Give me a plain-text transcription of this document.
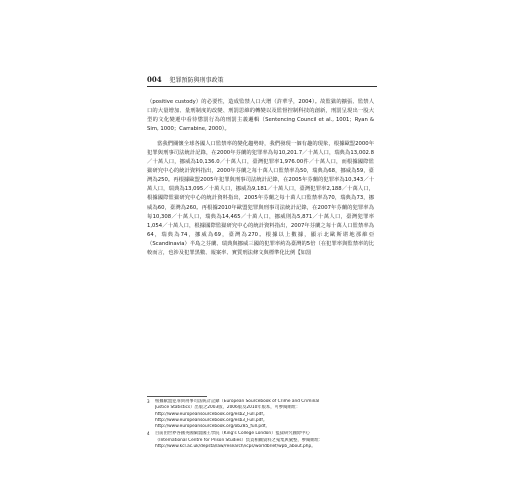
004 犯罪預防與刑事政策

（positive custody）的必要性，造成監禁人口大增（許華孚，2004）。故監獄的擴張、監禁人口的大量增加、量刑制度的改變、刑罰思維的轉變以及監督控制科技的創新，刑罰呈現出一股大型的文化變遷中看待懲罰行為的刑罰主義邏輯（Sentencing Council et al., 1001；Ryan & Sim, 1000；Carrabine, 2000）。

當我們關懷全球各國人口監禁率的變化趨勢時，我們發現一個有趣的現象，根據歐盟2000年犯罪與刑事司法統計記錄，在2000年芬蘭的犯罪率為每10,201.7／十萬人口，瑞典為13,002.8／十萬人口，挪威為10,136.0／十萬人口，臺灣犯罪率1,976.00件／十萬人口，而根據國際監獄研究中心的統計資料指出，2000年芬蘭之每十萬人口監禁率為50，瑞典為68，挪威為59，臺灣為250。再根據歐盟2005年犯罪與刑事司法統計記錄，在2005年芬蘭的犯罪率為10,343／十萬人口，瑞典為13,095／十萬人口，挪威為9,181／十萬人口，臺灣犯罪率2,188／十萬人口，根據國際監獄研究中心的統計資料指出，2005年芬蘭之每十萬人口監禁率為70，瑞典為73，挪威為60，臺灣為260。再根據2010年歐盟犯罪與刑事司法統計記錄，在2007年芬蘭的犯罪率為每10,308／十萬人口，瑞典為14,465／十萬人口，挪威則為5,871／十萬人口，臺灣犯罪率1,054／十萬人口，根據國際監獄研究中心的統計資料指出，2007年芬蘭之每十萬人口監禁率為64，瑞典為74，挪威為69，臺灣為270。根據以上數據，顯示北歐斯堪地那維亞（Scandinavia）半島之芬蘭、瑞典與挪威三國的犯罪率約為臺灣的5倍（在犯罪率與監禁率的比較而言，也涉及犯罪黑數、報案率、實質刑法條文與標準化比例【如罰

3	根據歐盟犯罪與刑事司法統計記錄（European Sourcebook of Crime and Criminal
Justice Statistics）出版之2003版、2006版及2010年版本，可參閱網址：
http://www.europeansourcebook.org/esb2_Full.pdf。
http://www.europeansourcebook.org/esb3_Full.pdf。
http://www.europeansourcebook.org/ob285_full.pdf。
4	目前由世界各國英國倫敦國王學院（King's College London）監獄研究國際中心
（International Centre for Prison Studies）負責相關資料之蒐集與彙整，參閱網址：
http://www.kcl.ac.uk/depsta/law/research/icps/worldbrief/wpb_about.php。
